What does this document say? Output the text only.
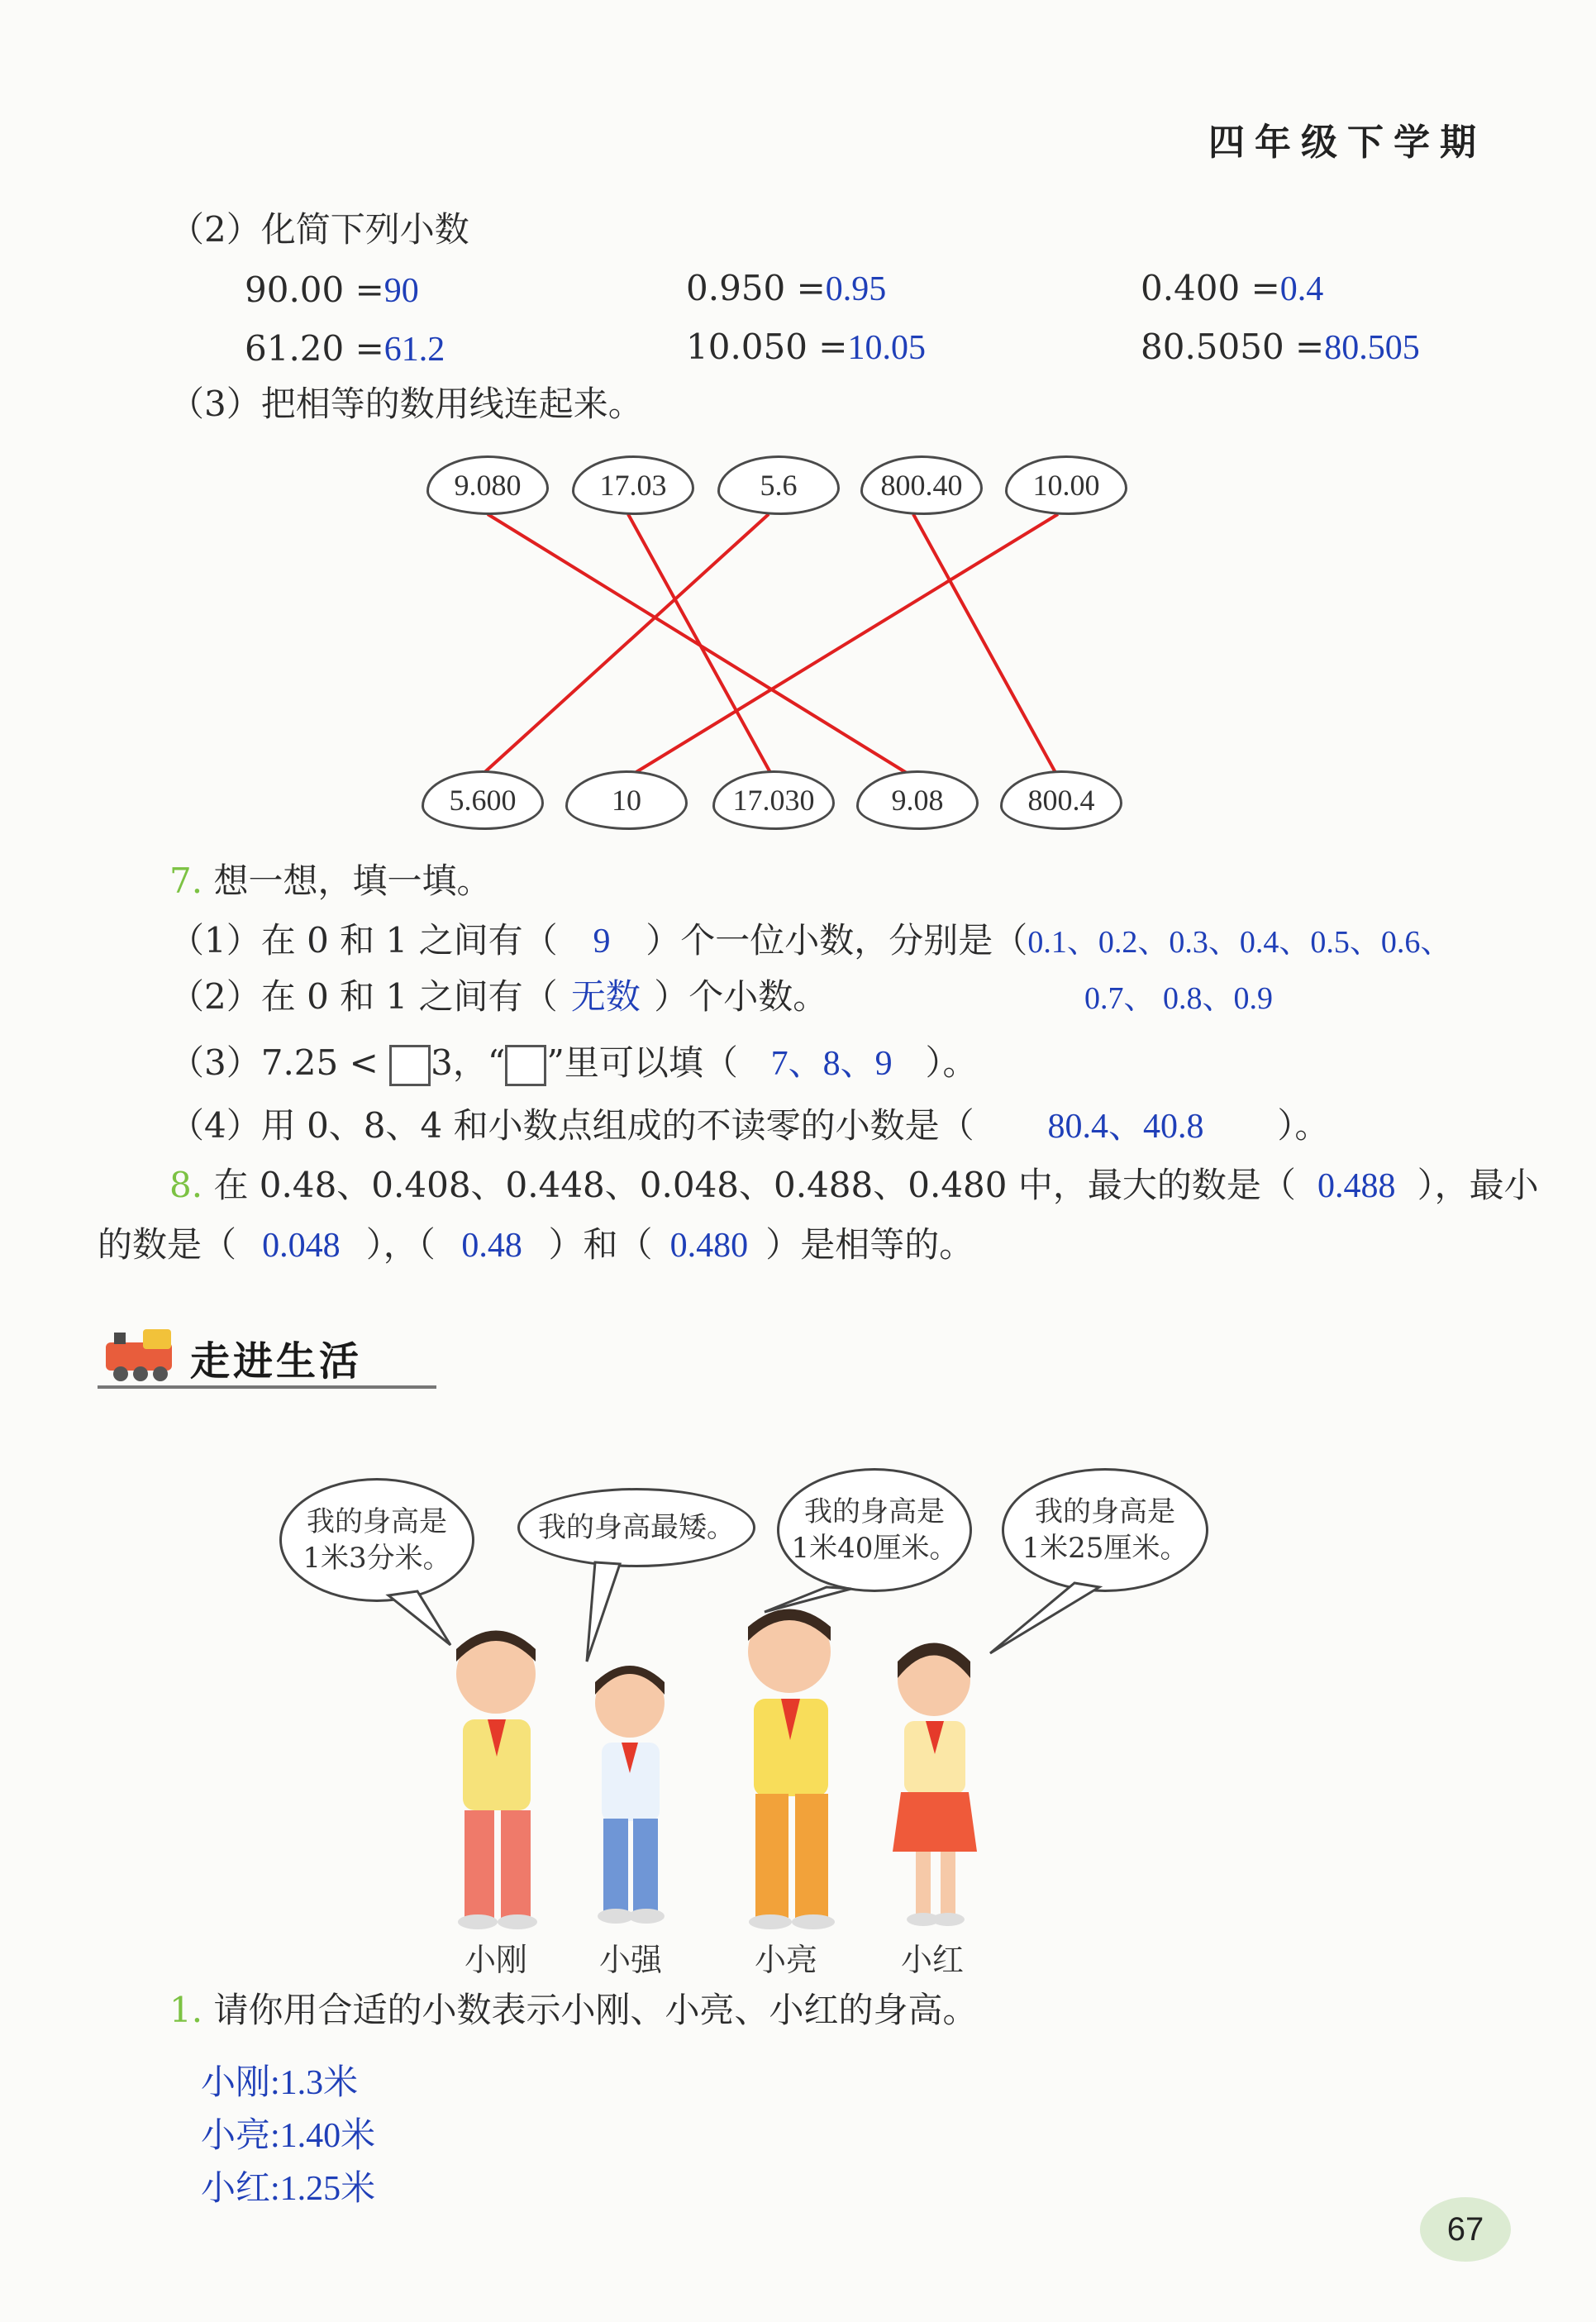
四年级下学期
（2）化简下列小数
90.00 =90	0.950 =0.95	0.400 =0.4
61.20 =61.2	10.050 =10.05	80.5050 =80.505
（3）把相等的数用线连起来。
9.080	17.03	5.6	800.40	10.00
5.600	10	17.030	9.08	800.4
7. 想一想，填一填。
（1）在 0 和 1 之间有（ 9 ）个一位小数，分别是（0.1、0.2、0.3、0.4、0.5、0.6、
0.7、 0.8、0.9
（2）在 0 和 1 之间有（ 无数 ）个小数。
（3）7.25 < 3，“ ”里可以填（ 7、8、9 ）。
（4）用 0、8、4 和小数点组成的不读零的小数是（ 80.4、40.8 ）。
8. 在 0.48、0.408、0.448、0.048、0.488、0.480 中，最大的数是（ 0.488 ），最小
的数是（ 0.048 ），（ 0.48 ）和（ 0.480 ）是相等的。
走进生活
我的身高是
1米3分米。
我的身高最矮。 我的身高是
1米40厘米。
我的身高是
1米25厘米。
小刚 小强	小亮	小红
1. 请你用合适的小数表示小刚、小亮、小红的身高。
小刚:1.3米
小亮:1.40米
小红:1.25米
67
